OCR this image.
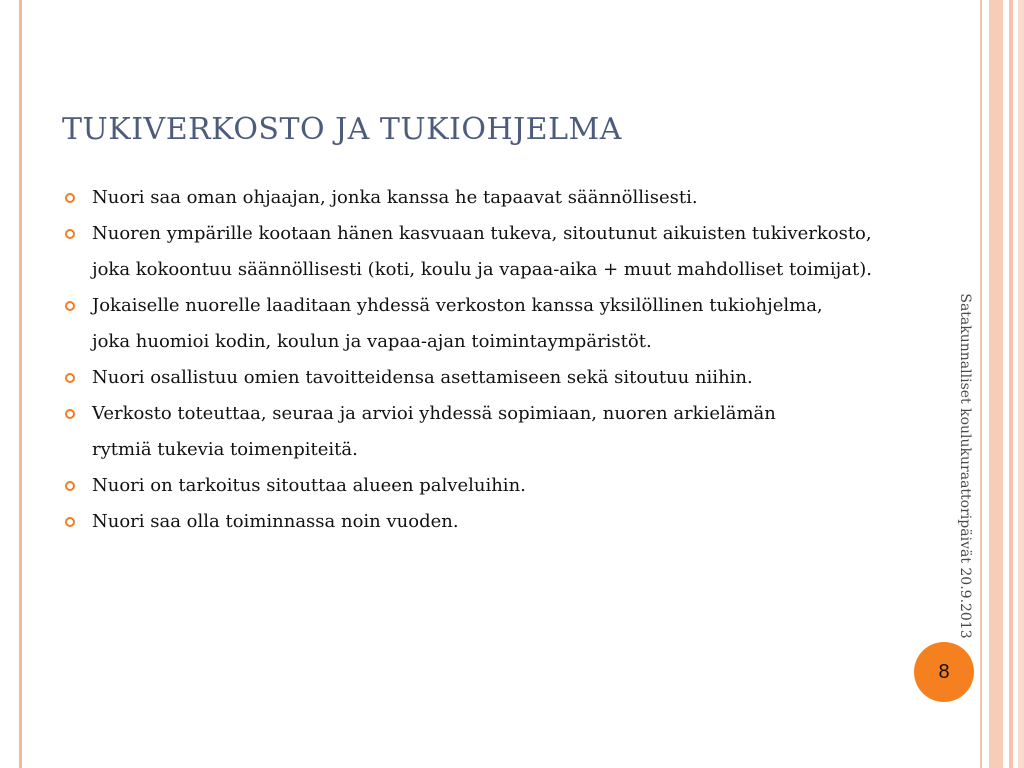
TUKIVERKOSTO JA TUKIOHJELMA
Nuori saa oman ohjaajan, jonka kanssa he tapaavat säännöllisesti.
Nuoren ympärille kootaan hänen kasvuaan tukeva, sitoutunut aikuisten tukiverkosto,
joka kokoontuu säännöllisesti (koti, koulu ja vapaa-aika + muut mahdolliset toimijat).
Jokaiselle nuorelle laaditaan yhdessä verkoston kanssa yksilöllinen tukiohjelma,
joka huomioi kodin, koulun ja vapaa-ajan toimintaympäristöt.
Nuori osallistuu omien tavoitteidensa asettamiseen sekä sitoutuu niihin.
Verkosto toteuttaa, seuraa ja arvioi yhdessä sopimiaan, nuoren arkielämän
rytmiä tukevia toimenpiteitä.
Nuori on tarkoitus sitouttaa alueen palveluihin.
Nuori saa olla toiminnassa noin vuoden.	Satakunnalliset koulukuraattoripäivät 20.9.2013
8
